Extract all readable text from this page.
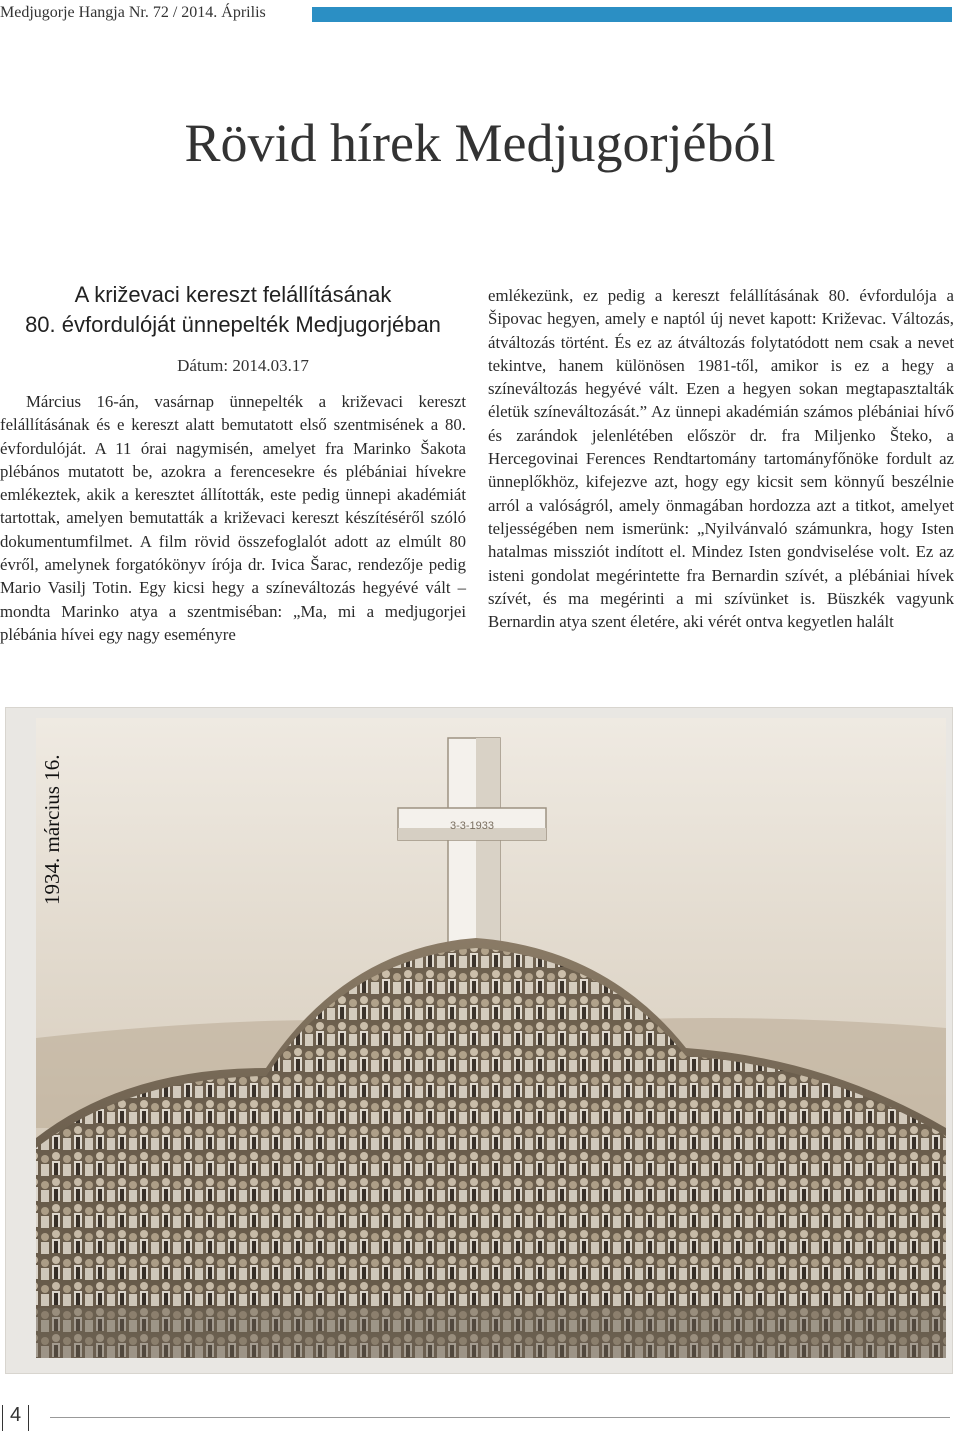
Medjugorje Hangja Nr. 72 / 2014. Április
Rövid hírek Medjugorjéból
A križevaci kereszt felállításának
80. évfordulóját ünnepelték Medjugorjéban
Dátum: 2014.03.17

Március 16-án, vasárnap ünnepelték a križevaci kereszt felállításának és e kereszt alatt bemutatott első szentmisének a 80. évfordulóját. A 11 órai nagymisén, amelyet fra Marinko Šakota plébános mutatott be, azokra a ferencesekre és plébániai hívekre emlékeztek, akik a keresztet állították, este pedig ünnepi akadémiát tartottak, amelyen bemutatták a križevaci kereszt készítéséről szóló dokumentumfilmet. A film rövid összefoglalót adott az elmúlt 80 évről, amelynek forgatókönyv írója dr. Ivica Šarac, rendezője pedig Mario Vasilj Totin. Egy kicsi hegy a színeváltozás hegyévé vált – mondta Marinko atya a szentmiséban: „Ma, mi a medjugorjei plébánia hívei egy nagy eseményre

emlékezünk, ez pedig a kereszt felállításának 80. évfordulója a Šipovac hegyen, amely e naptól új nevet kapott: Križevac. Változás, átváltozás történt. És ez az átváltozás folytatódott nem csak a nevet tekintve, hanem különösen 1981-től, amikor is ez a hegy a színeváltozás hegyévé vált. Ezen a hegyen sokan megtapasztalták életük színeváltozását.” Az ünnepi akadémián számos plébániai hívő és zarándok jelenlétében először dr. fra Miljenko Šteko, a Hercegovinai Ferences Rendtartomány tartományfőnöke fordult az ünneplőkhöz, kifejezve azt, hogy egy kicsit sem könnyű beszélnie arról a valóságról, amely önmagában hordozza azt a titkot, amelyet teljességében nem ismerünk: „Nyilvánvaló számunkra, hogy Isten hatalmas missziót indított el. Mindez Isten gondviselése volt. Ez az isteni gondolat megérintette fra Bernardin szívét, a plébániai hívek szívét, és ma megérinti a mi szívünket is. Büszkék vagyunk Bernardin atya szent életére, aki vérét ontva kegyetlen halált

3-3-1933
1934. március 16.
4
